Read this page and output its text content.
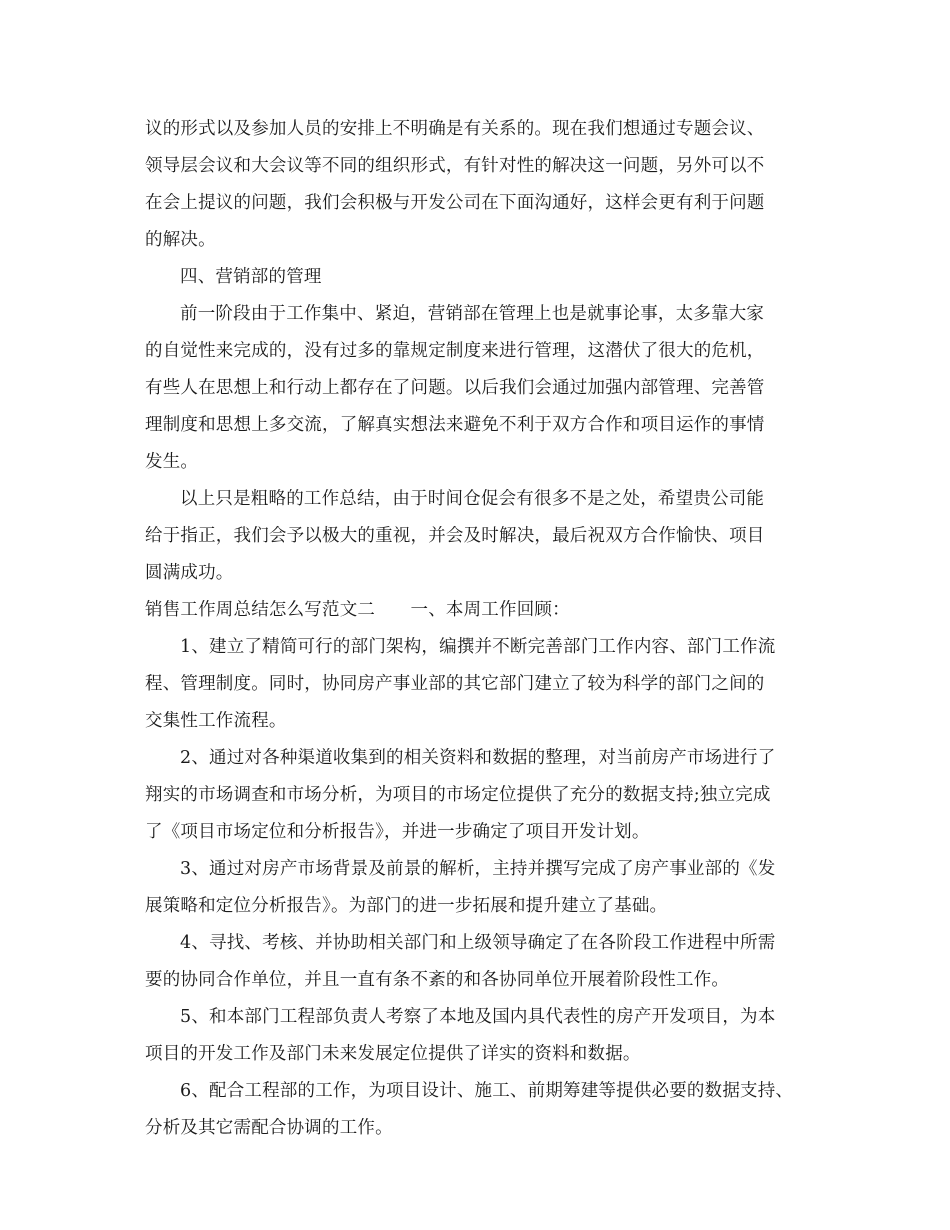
议的形式以及参加人员的安排上不明确是有关系的。现在我们想通过专题会议、
领导层会议和大会议等不同的组织形式，有针对性的解决这一问题，另外可以不
在会上提议的问题，我们会积极与开发公司在下面沟通好，这样会更有利于问题
的解决。
四、营销部的管理
前一阶段由于工作集中、紧迫，营销部在管理上也是就事论事，太多靠大家
的自觉性来完成的，没有过多的靠规定制度来进行管理，这潜伏了很大的危机，
有些人在思想上和行动上都存在了问题。以后我们会通过加强内部管理、完善管
理制度和思想上多交流，了解真实想法来避免不利于双方合作和项目运作的事情
发生。
以上只是粗略的工作总结，由于时间仓促会有很多不是之处，希望贵公司能
给于指正，我们会予以极大的重视，并会及时解决，最后祝双方合作愉快、项目
圆满成功。
销售工作周总结怎么写范文二　　一、本周工作回顾：
1、建立了精简可行的部门架构，编撰并不断完善部门工作内容、部门工作流
程、管理制度。同时，协同房产事业部的其它部门建立了较为科学的部门之间的
交集性工作流程。
2、通过对各种渠道收集到的相关资料和数据的整理，对当前房产市场进行了
翔实的市场调查和市场分析，为项目的市场定位提供了充分的数据支持;独立完成
了《项目市场定位和分析报告》，并进一步确定了项目开发计划。
3、通过对房产市场背景及前景的解析，主持并撰写完成了房产事业部的《发
展策略和定位分析报告》。为部门的进一步拓展和提升建立了基础。
4、寻找、考核、并协助相关部门和上级领导确定了在各阶段工作进程中所需
要的协同合作单位，并且一直有条不紊的和各协同单位开展着阶段性工作。
5、和本部门工程部负责人考察了本地及国内具代表性的房产开发项目，为本
项目的开发工作及部门未来发展定位提供了详实的资料和数据。
6、配合工程部的工作，为项目设计、施工、前期筹建等提供必要的数据支持、
分析及其它需配合协调的工作。
